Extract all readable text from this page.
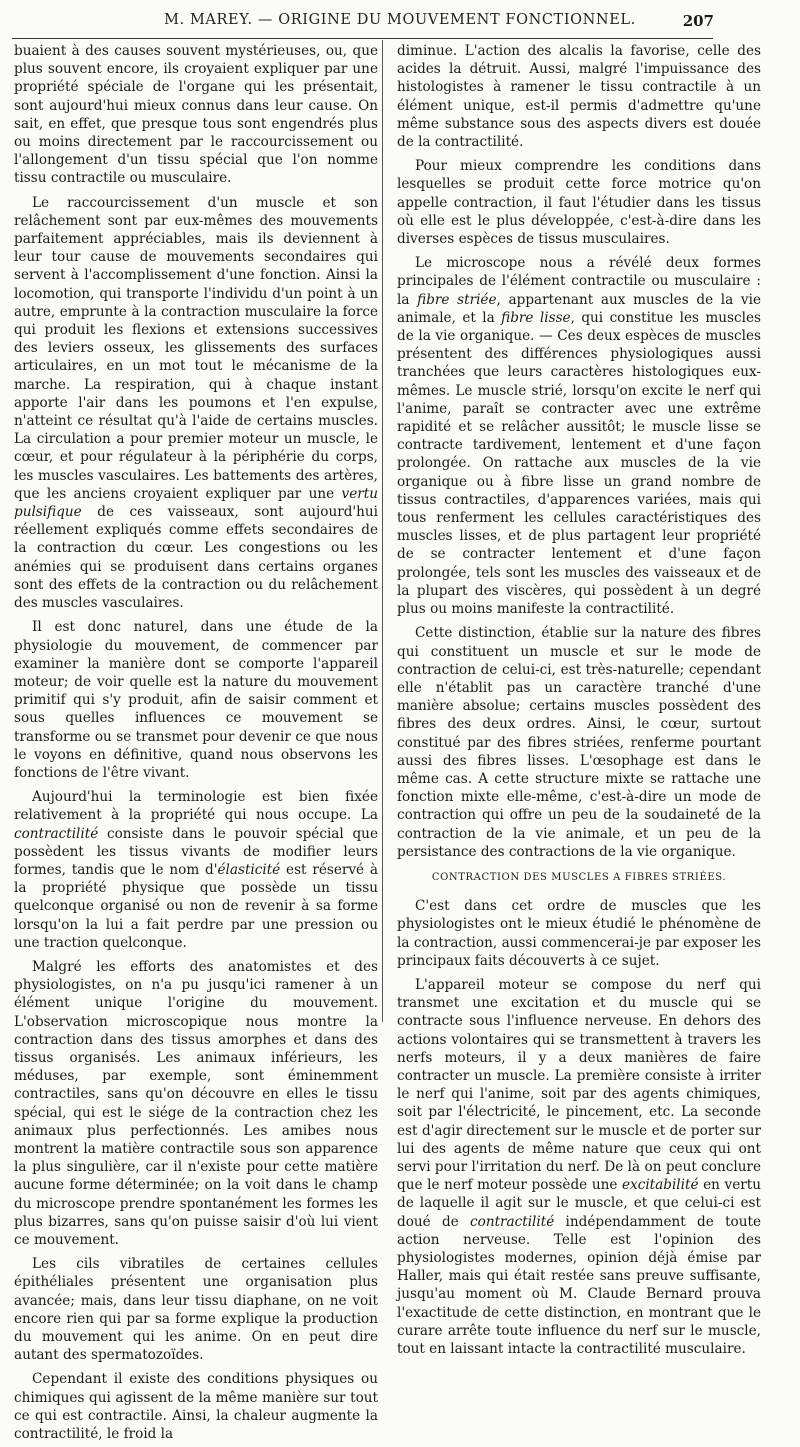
M. MAREY. — ORIGINE DU MOUVEMENT FONCTIONNEL.	207

buaient à des causes souvent mystérieuses, ou, que plus souvent encore, ils croyaient expliquer par une propriété spéciale de l'organe qui les présentait, sont aujourd'hui mieux connus dans leur cause. On sait, en effet, que presque tous sont engendrés plus ou moins directement par le raccourcissement ou l'allongement d'un tissu spécial que l'on nomme tissu contractile ou musculaire.

Le raccourcissement d'un muscle et son relâchement sont par eux-mêmes des mouvements parfaitement appréciables, mais ils deviennent à leur tour cause de mouvements secondaires qui servent à l'accomplissement d'une fonction. Ainsi la locomotion, qui transporte l'individu d'un point à un autre, emprunte à la contraction musculaire la force qui produit les flexions et extensions successives des leviers osseux, les glissements des surfaces articulaires, en un mot tout le mécanisme de la marche. La respiration, qui à chaque instant apporte l'air dans les poumons et l'en expulse, n'atteint ce résultat qu'à l'aide de certains muscles. La circulation a pour premier moteur un muscle, le cœur, et pour régulateur à la périphérie du corps, les muscles vasculaires. Les battements des artères, que les anciens croyaient expliquer par une vertu pulsifique de ces vaisseaux, sont aujourd'hui réellement expliqués comme effets secondaires de la contraction du cœur. Les congestions ou les anémies qui se produisent dans certains organes sont des effets de la contraction ou du relâchement des muscles vasculaires.

Il est donc naturel, dans une étude de la physiologie du mouvement, de commencer par examiner la manière dont se comporte l'appareil moteur; de voir quelle est la nature du mouvement primitif qui s'y produit, afin de saisir comment et sous quelles influences ce mouvement se transforme ou se transmet pour devenir ce que nous le voyons en définitive, quand nous observons les fonctions de l'être vivant.

Aujourd'hui la terminologie est bien fixée relativement à la propriété qui nous occupe. La contractilité consiste dans le pouvoir spécial que possèdent les tissus vivants de modifier leurs formes, tandis que le nom d'élasticité est réservé à la propriété physique que possède un tissu quelconque organisé ou non de revenir à sa forme lorsqu'on la lui a fait perdre par une pression ou une traction quelconque.

Malgré les efforts des anatomistes et des physiologistes, on n'a pu jusqu'ici ramener à un élément unique l'origine du mouvement. L'observation microscopique nous montre la contraction dans des tissus amorphes et dans des tissus organisés. Les animaux inférieurs, les méduses, par exemple, sont éminemment contractiles, sans qu'on découvre en elles le tissu spécial, qui est le siége de la contraction chez les animaux plus perfectionnés. Les amibes nous montrent la matière contractile sous son apparence la plus singulière, car il n'existe pour cette matière aucune forme déterminée; on la voit dans le champ du microscope prendre spontanément les formes les plus bizarres, sans qu'on puisse saisir d'où lui vient ce mouvement.

Les cils vibratiles de certaines cellules épithéliales présentent une organisation plus avancée; mais, dans leur tissu diaphane, on ne voit encore rien qui par sa forme explique la production du mouvement qui les anime. On en peut dire autant des spermatozoïdes.

Cependant il existe des conditions physiques ou chimiques qui agissent de la même manière sur tout ce qui est contractile. Ainsi, la chaleur augmente la contractilité, le froid la

diminue. L'action des alcalis la favorise, celle des acides la détruit. Aussi, malgré l'impuissance des histologistes à ramener le tissu contractile à un élément unique, est-il permis d'admettre qu'une même substance sous des aspects divers est douée de la contractilité.

Pour mieux comprendre les conditions dans lesquelles se produit cette force motrice qu'on appelle contraction, il faut l'étudier dans les tissus où elle est le plus développée, c'est-à-dire dans les diverses espèces de tissus musculaires.

Le microscope nous a révélé deux formes principales de l'élément contractile ou musculaire : la fibre striée, appartenant aux muscles de la vie animale, et la fibre lisse, qui constitue les muscles de la vie organique. — Ces deux espèces de muscles présentent des différences physiologiques aussi tranchées que leurs caractères histologiques eux-mêmes. Le muscle strié, lorsqu'on excite le nerf qui l'anime, paraît se contracter avec une extrême rapidité et se relâcher aussitôt; le muscle lisse se contracte tardivement, lentement et d'une façon prolongée. On rattache aux muscles de la vie organique ou à fibre lisse un grand nombre de tissus contractiles, d'apparences variées, mais qui tous renferment les cellules caractéristiques des muscles lisses, et de plus partagent leur propriété de se contracter lentement et d'une façon prolongée, tels sont les muscles des vaisseaux et de la plupart des viscères, qui possèdent à un degré plus ou moins manifeste la contractilité.

Cette distinction, établie sur la nature des fibres qui constituent un muscle et sur le mode de contraction de celui-ci, est très-naturelle; cependant elle n'établit pas un caractère tranché d'une manière absolue; certains muscles possèdent des fibres des deux ordres. Ainsi, le cœur, surtout constitué par des fibres striées, renferme pourtant aussi des fibres lisses. L'œsophage est dans le même cas. A cette structure mixte se rattache une fonction mixte elle-même, c'est-à-dire un mode de contraction qui offre un peu de la soudaineté de la contraction de la vie animale, et un peu de la persistance des contractions de la vie organique.

CONTRACTION DES MUSCLES A FIBRES STRIÉES.

C'est dans cet ordre de muscles que les physiologistes ont le mieux étudié le phénomène de la contraction, aussi commencerai-je par exposer les principaux faits découverts à ce sujet.

L'appareil moteur se compose du nerf qui transmet une excitation et du muscle qui se contracte sous l'influence nerveuse. En dehors des actions volontaires qui se transmettent à travers les nerfs moteurs, il y a deux manières de faire contracter un muscle. La première consiste à irriter le nerf qui l'anime, soit par des agents chimiques, soit par l'électricité, le pincement, etc. La seconde est d'agir directement sur le muscle et de porter sur lui des agents de même nature que ceux qui ont servi pour l'irritation du nerf. De là on peut conclure que le nerf moteur possède une excitabilité en vertu de laquelle il agit sur le muscle, et que celui-ci est doué de contractilité indépendamment de toute action nerveuse. Telle est l'opinion des physiologistes modernes, opinion déjà émise par Haller, mais qui était restée sans preuve suffisante, jusqu'au moment où M. Claude Bernard prouva l'exactitude de cette distinction, en montrant que le curare arrête toute influence du nerf sur le muscle, tout en laissant intacte la contractilité musculaire.
